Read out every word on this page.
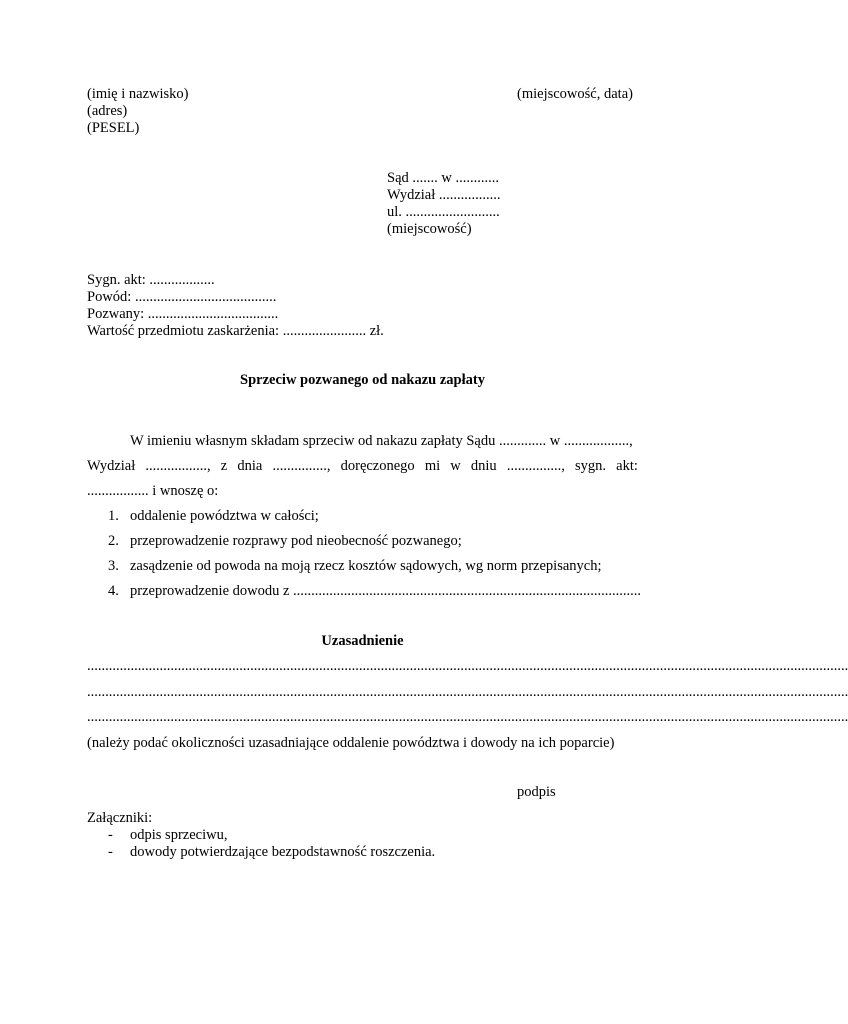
(imię i nazwisko)
(adres)
(PESEL)
(miejscowość, data)
Sąd ....... w ............
Wydział .................
ul. ..........................
(miejscowość)
Sygn. akt: ..................
Powód: .......................................
Pozwany: ....................................
Wartość przedmiotu zaskarżenia: ....................... zł.
Sprzeciw pozwanego od nakazu zapłaty
W imieniu własnym składam sprzeciw od nakazu zapłaty Sądu ............. w ..................,
Wydział ................., z dnia ..............., doręczonego mi w dniu ..............., sygn. akt:
................. i wnoszę o:
1. oddalenie powództwa w całości;
2. przeprowadzenie rozprawy pod nieobecność pozwanego;
3. zasądzenie od powoda na moją rzecz kosztów sądowych, wg norm przepisanych;
4. przeprowadzenie dowodu z ................................................................................................
Uzasadnienie
..................................................................................................................................................................................................................
..................................................................................................................................................................................................................
..................................................................................................................................................................................................................
(należy podać okoliczności uzasadniające oddalenie powództwa i dowody na ich poparcie)
podpis
Załączniki:
- odpis sprzeciwu,
- dowody potwierdzające bezpodstawność roszczenia.
